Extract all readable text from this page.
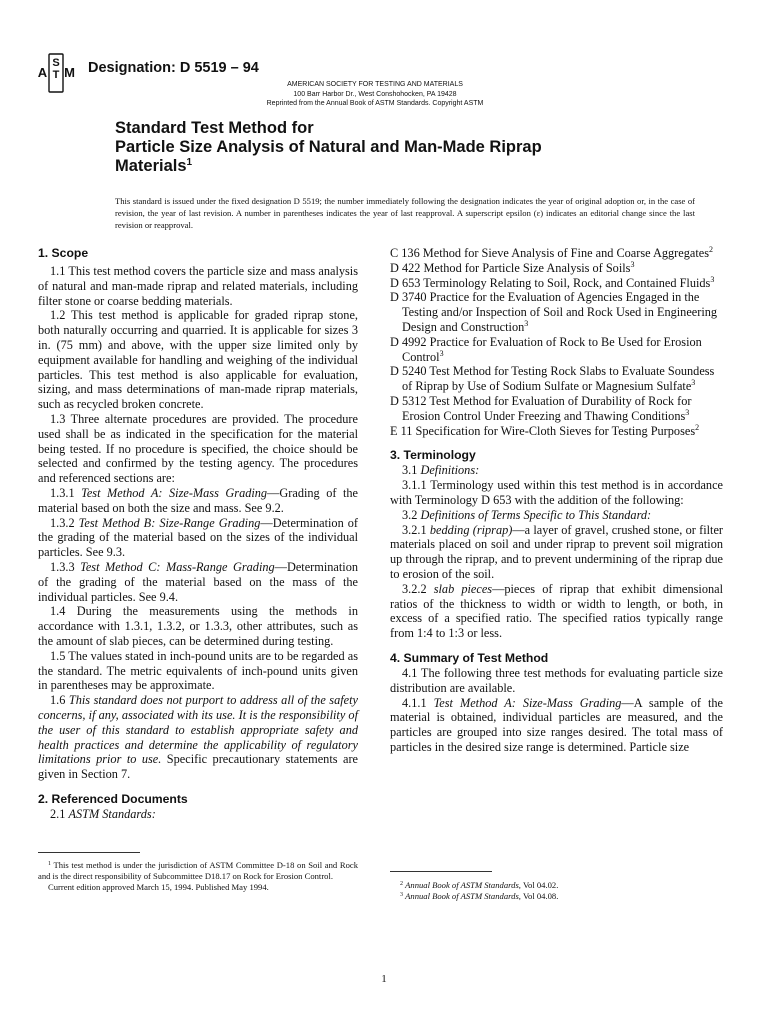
S
T
A M Designation: D 5519 – 94
AMERICAN SOCIETY FOR TESTING AND MATERIALS
100 Barr Harbor Dr., West Conshohocken, PA 19428
Reprinted from the Annual Book of ASTM Standards. Copyright ASTM
Standard Test Method for
Particle Size Analysis of Natural and Man-Made Riprap
Materials$^1$
This standard is issued under the fixed designation D 5519; the number immediately following the designation indicates the year of original adoption or, in the case of revision, the year of last revision. A number in parentheses indicates the year of last reapproval. A superscript epsilon (ε) indicates an editorial change since the last revision or reapproval.
1. Scope

1.1 This test method covers the particle size and mass analysis of natural and man-made riprap and related materials, including filter stone or coarse bedding materials.

1.2 This test method is applicable for graded riprap stone, both naturally occurring and quarried. It is applicable for sizes 3 in. (75 mm) and above, with the upper size limited only by equipment available for handling and weighing of the individual particles. This test method is also applicable for evaluation, sizing, and mass determinations of man-made riprap materials, such as recycled broken concrete.

1.3 Three alternate procedures are provided. The procedure used shall be as indicated in the specification for the material being tested. If no procedure is specified, the choice should be selected and confirmed by the testing agency. The procedures and referenced sections are:

1.3.1 Test Method A: Size-Mass Grading—Grading of the material based on both the size and mass. See 9.2.

1.3.2 Test Method B: Size-Range Grading—Determination of the grading of the material based on the sizes of the individual particles. See 9.3.

1.3.3 Test Method C: Mass-Range Grading—Determination of the grading of the material based on the mass of the individual particles. See 9.4.

1.4 During the measurements using the methods in accordance with 1.3.1, 1.3.2, or 1.3.3, other attributes, such as the amount of slab pieces, can be determined during testing.

1.5 The values stated in inch-pound units are to be regarded as the standard. The metric equivalents of inch-pound units given in parentheses may be approximate.

1.6 This standard does not purport to address all of the safety concerns, if any, associated with its use. It is the responsibility of the user of this standard to establish appropriate safety and health practices and determine the applicability of regulatory limitations prior to use. Specific precautionary statements are given in Section 7.

2. Referenced Documents

2.1 ASTM Standards:

C 136 Method for Sieve Analysis of Fine and Coarse Aggregates$^2$

D 422 Method for Particle Size Analysis of Soils$^3$

D 653 Terminology Relating to Soil, Rock, and Contained Fluids$^3$

D 3740 Practice for the Evaluation of Agencies Engaged in the Testing and/or Inspection of Soil and Rock Used in Engineering Design and Construction$^3$

D 4992 Practice for Evaluation of Rock to Be Used for Erosion Control$^3$

D 5240 Test Method for Testing Rock Slabs to Evaluate Soundess of Riprap by Use of Sodium Sulfate or Magnesium Sulfate$^3$

D 5312 Test Method for Evaluation of Durability of Rock for Erosion Control Under Freezing and Thawing Conditions$^3$

E 11 Specification for Wire-Cloth Sieves for Testing Purposes$^2$

3. Terminology

3.1 Definitions:

3.1.1 Terminology used within this test method is in accordance with Terminology D 653 with the addition of the following:

3.2 Definitions of Terms Specific to This Standard:

3.2.1 bedding (riprap)—a layer of gravel, crushed stone, or filter materials placed on soil and under riprap to prevent soil migration up through the riprap, and to prevent undermining of the riprap due to erosion of the soil.

3.2.2 slab pieces—pieces of riprap that exhibit dimensional ratios of the thickness to width or width to length, or both, in excess of a specified ratio. The specified ratios typically range from 1:4 to 1:3 or less.

4. Summary of Test Method

4.1 The following three test methods for evaluating particle size distribution are available.

4.1.1 Test Method A: Size-Mass Grading—A sample of the material is obtained, individual particles are measured, and the particles are grouped into size ranges desired. The total mass of particles in the desired size range is determined. Particle size

$^1$ This test method is under the jurisdiction of ASTM Committee D-18 on Soil and Rock and is the direct responsibility of Subcommittee D18.17 on Rock for Erosion Control.

Current edition approved March 15, 1994. Published May 1994.	$^2$ Annual Book of ASTM Standards, Vol 04.02.

$^3$ Annual Book of ASTM Standards, Vol 04.08.

1
